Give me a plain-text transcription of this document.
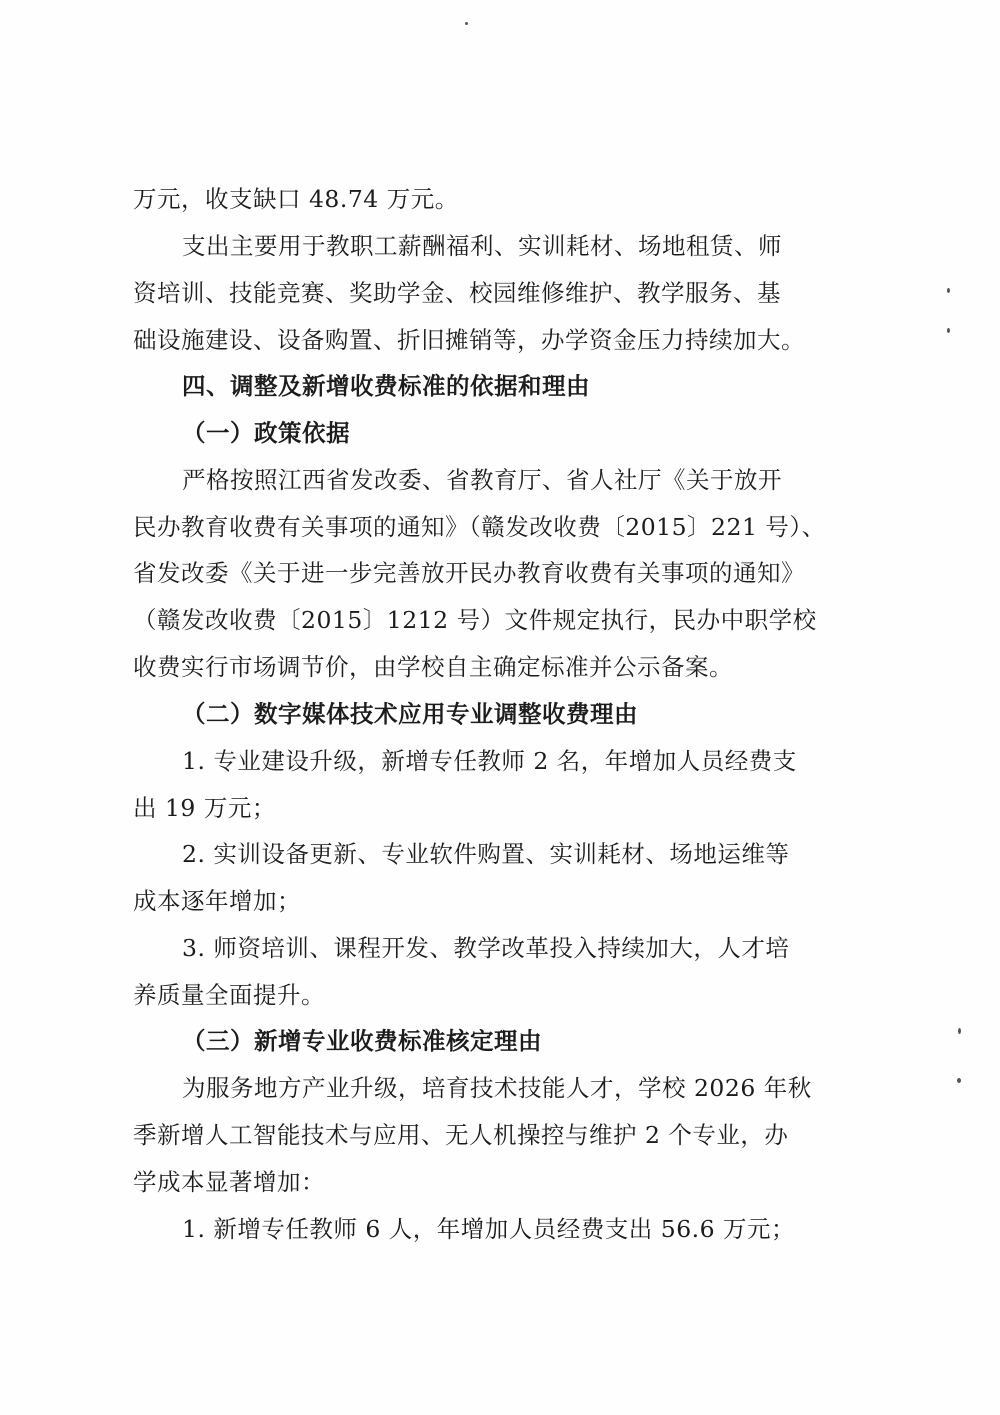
万元，收支缺口 48.74 万元。
支出主要用于教职工薪酬福利、实训耗材、场地租赁、师
资培训、技能竞赛、奖助学金、校园维修维护、教学服务、基
础设施建设、设备购置、折旧摊销等，办学资金压力持续加大。
四、调整及新增收费标准的依据和理由
（一）政策依据
严格按照江西省发改委、省教育厅、省人社厅《关于放开
民办教育收费有关事项的通知》（赣发改收费〔2015〕221 号）、
省发改委《关于进一步完善放开民办教育收费有关事项的通知》
（赣发改收费〔2015〕1212 号）文件规定执行，民办中职学校
收费实行市场调节价，由学校自主确定标准并公示备案。
（二）数字媒体技术应用专业调整收费理由
1. 专业建设升级，新增专任教师 2 名，年增加人员经费支
出 19 万元；
2. 实训设备更新、专业软件购置、实训耗材、场地运维等
成本逐年增加；
3. 师资培训、课程开发、教学改革投入持续加大，人才培
养质量全面提升。
（三）新增专业收费标准核定理由
为服务地方产业升级，培育技术技能人才，学校 2026 年秋
季新增人工智能技术与应用、无人机操控与维护 2 个专业，办
学成本显著增加：
1. 新增专任教师 6 人，年增加人员经费支出 56.6 万元；
